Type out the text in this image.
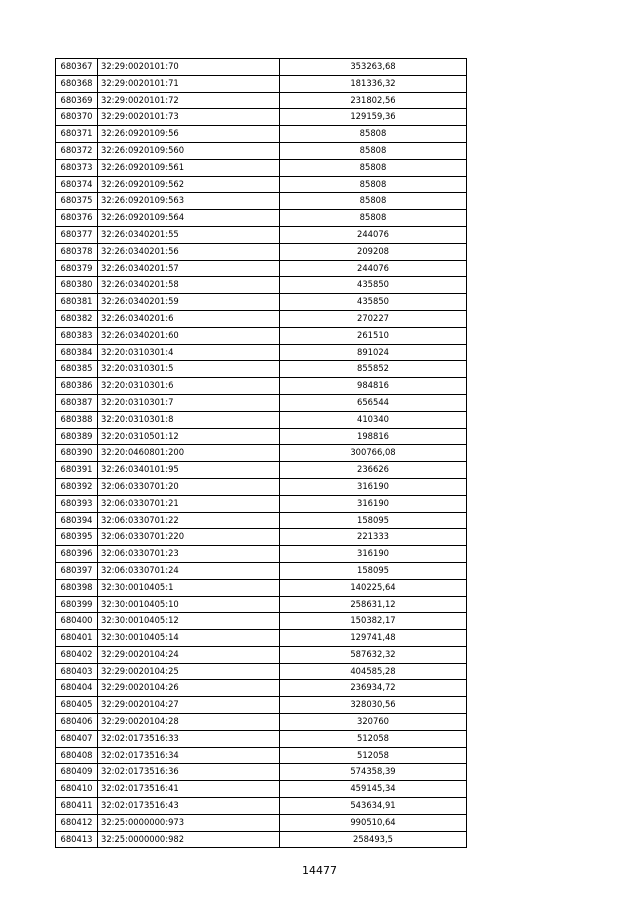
680367	32:29:0020101:70	353263,68
680368	32:29:0020101:71	181336,32
680369	32:29:0020101:72	231802,56
680370	32:29:0020101:73	129159,36
680371	32:26:0920109:56	85808
680372	32:26:0920109:560	85808
680373	32:26:0920109:561	85808
680374	32:26:0920109:562	85808
680375	32:26:0920109:563	85808
680376	32:26:0920109:564	85808
680377	32:26:0340201:55	244076
680378	32:26:0340201:56	209208
680379	32:26:0340201:57	244076
680380	32:26:0340201:58	435850
680381	32:26:0340201:59	435850
680382	32:26:0340201:6	270227
680383	32:26:0340201:60	261510
680384	32:20:0310301:4	891024
680385	32:20:0310301:5	855852
680386	32:20:0310301:6	984816
680387	32:20:0310301:7	656544
680388	32:20:0310301:8	410340
680389	32:20:0310501:12	198816
680390	32:20:0460801:200	300766,08
680391	32:26:0340101:95	236626
680392	32:06:0330701:20	316190
680393	32:06:0330701:21	316190
680394	32:06:0330701:22	158095
680395	32:06:0330701:220	221333
680396	32:06:0330701:23	316190
680397	32:06:0330701:24	158095
680398	32:30:0010405:1	140225,64
680399	32:30:0010405:10	258631,12
680400	32:30:0010405:12	150382,17
680401	32:30:0010405:14	129741,48
680402	32:29:0020104:24	587632,32
680403	32:29:0020104:25	404585,28
680404	32:29:0020104:26	236934,72
680405	32:29:0020104:27	328030,56
680406	32:29:0020104:28	320760
680407	32:02:0173516:33	512058
680408	32:02:0173516:34	512058
680409	32:02:0173516:36	574358,39
680410	32:02:0173516:41	459145,34
680411	32:02:0173516:43	543634,91
680412	32:25:0000000:973	990510,64
680413	32:25:0000000:982	258493,5
14477
